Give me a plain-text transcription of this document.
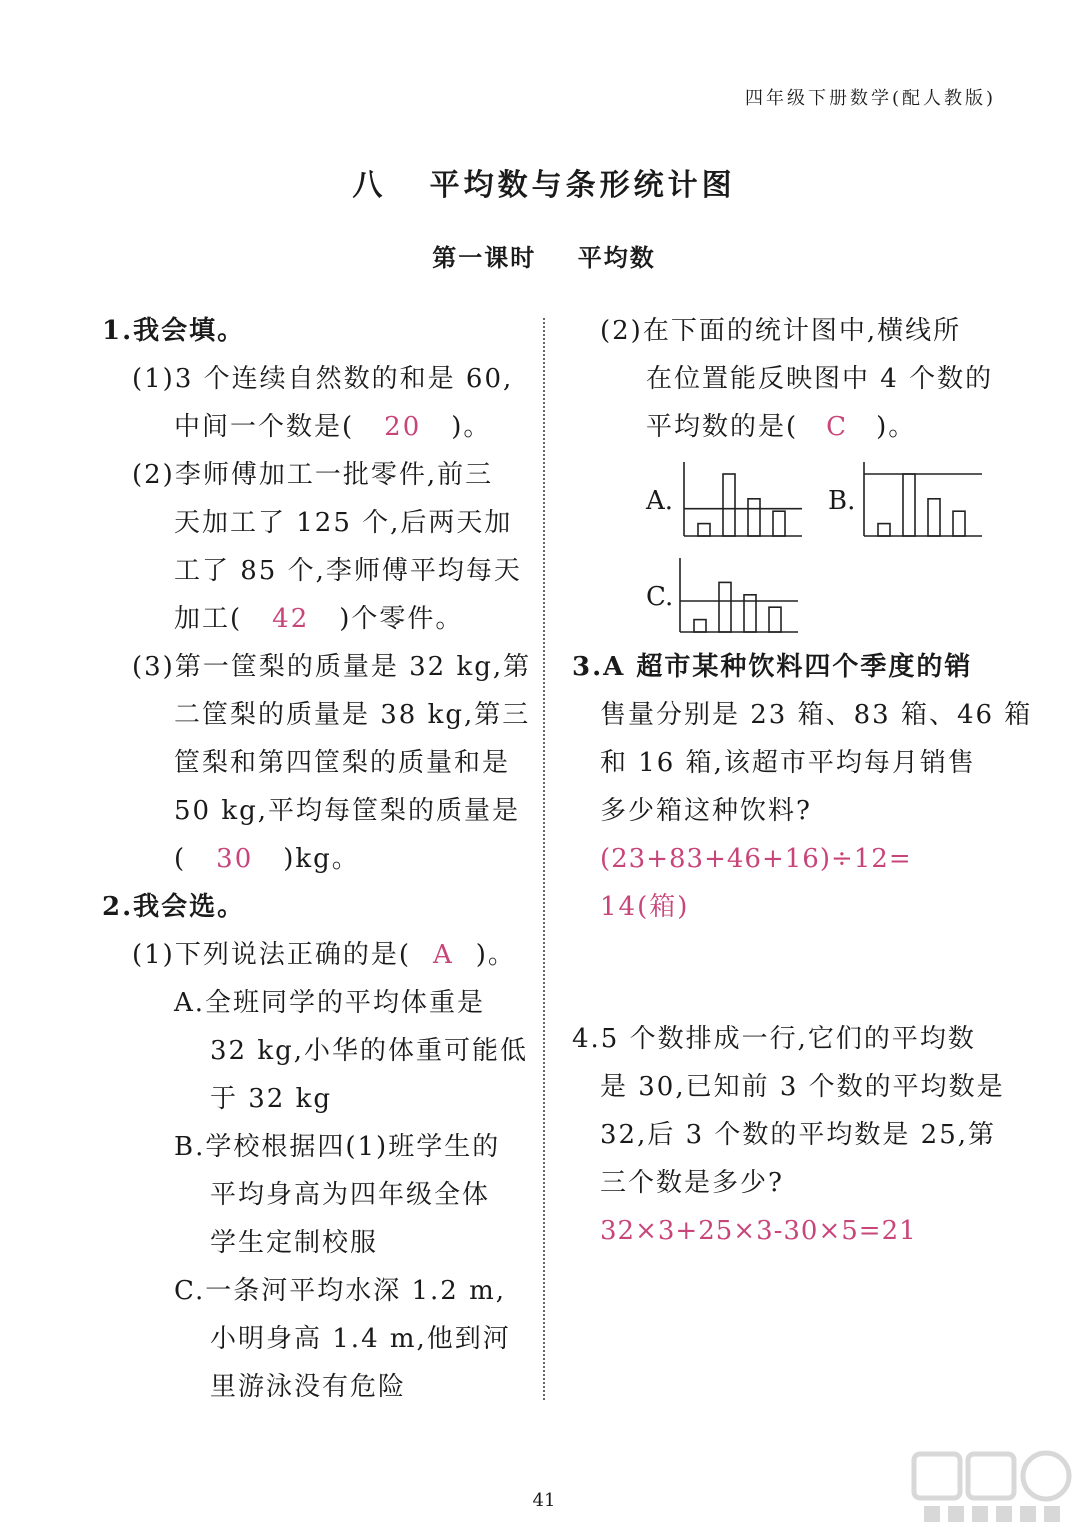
四年级下册数学(配人教版)
八   平均数与条形统计图
第一课时    平均数
1.我会填。
(1)3 个连续自然数的和是 60,
中间一个数是( 20 )。
(2)李师傅加工一批零件,前三
天加工了 125 个,后两天加
工了 85 个,李师傅平均每天
加工( 42 )个零件。
(3)第一筐梨的质量是 32 kg,第
二筐梨的质量是 38 kg,第三
筐梨和第四筐梨的质量和是
50 kg,平均每筐梨的质量是
( 30 )kg。
2.我会选。
(1)下列说法正确的是( A )。
A.全班同学的平均体重是
32 kg,小华的体重可能低
于 32 kg
B.学校根据四(1)班学生的
平均身高为四年级全体
学生定制校服
C.一条河平均水深 1.2 m,
小明身高 1.4 m,他到河
里游泳没有危险
(2)在下面的统计图中,横线所
在位置能反映图中 4 个数的
平均数的是( C )。
A.	B.
C.
3.A 超市某种饮料四个季度的销
售量分别是 23 箱、83 箱、46 箱
和 16 箱,该超市平均每月销售
多少箱这种饮料?
(23+83+46+16)÷12=
14(箱)
4.5 个数排成一行,它们的平均数
是 30,已知前 3 个数的平均数是
32,后 3 个数的平均数是 25,第
三个数是多少?
32×3+25×3-30×5=21
41
